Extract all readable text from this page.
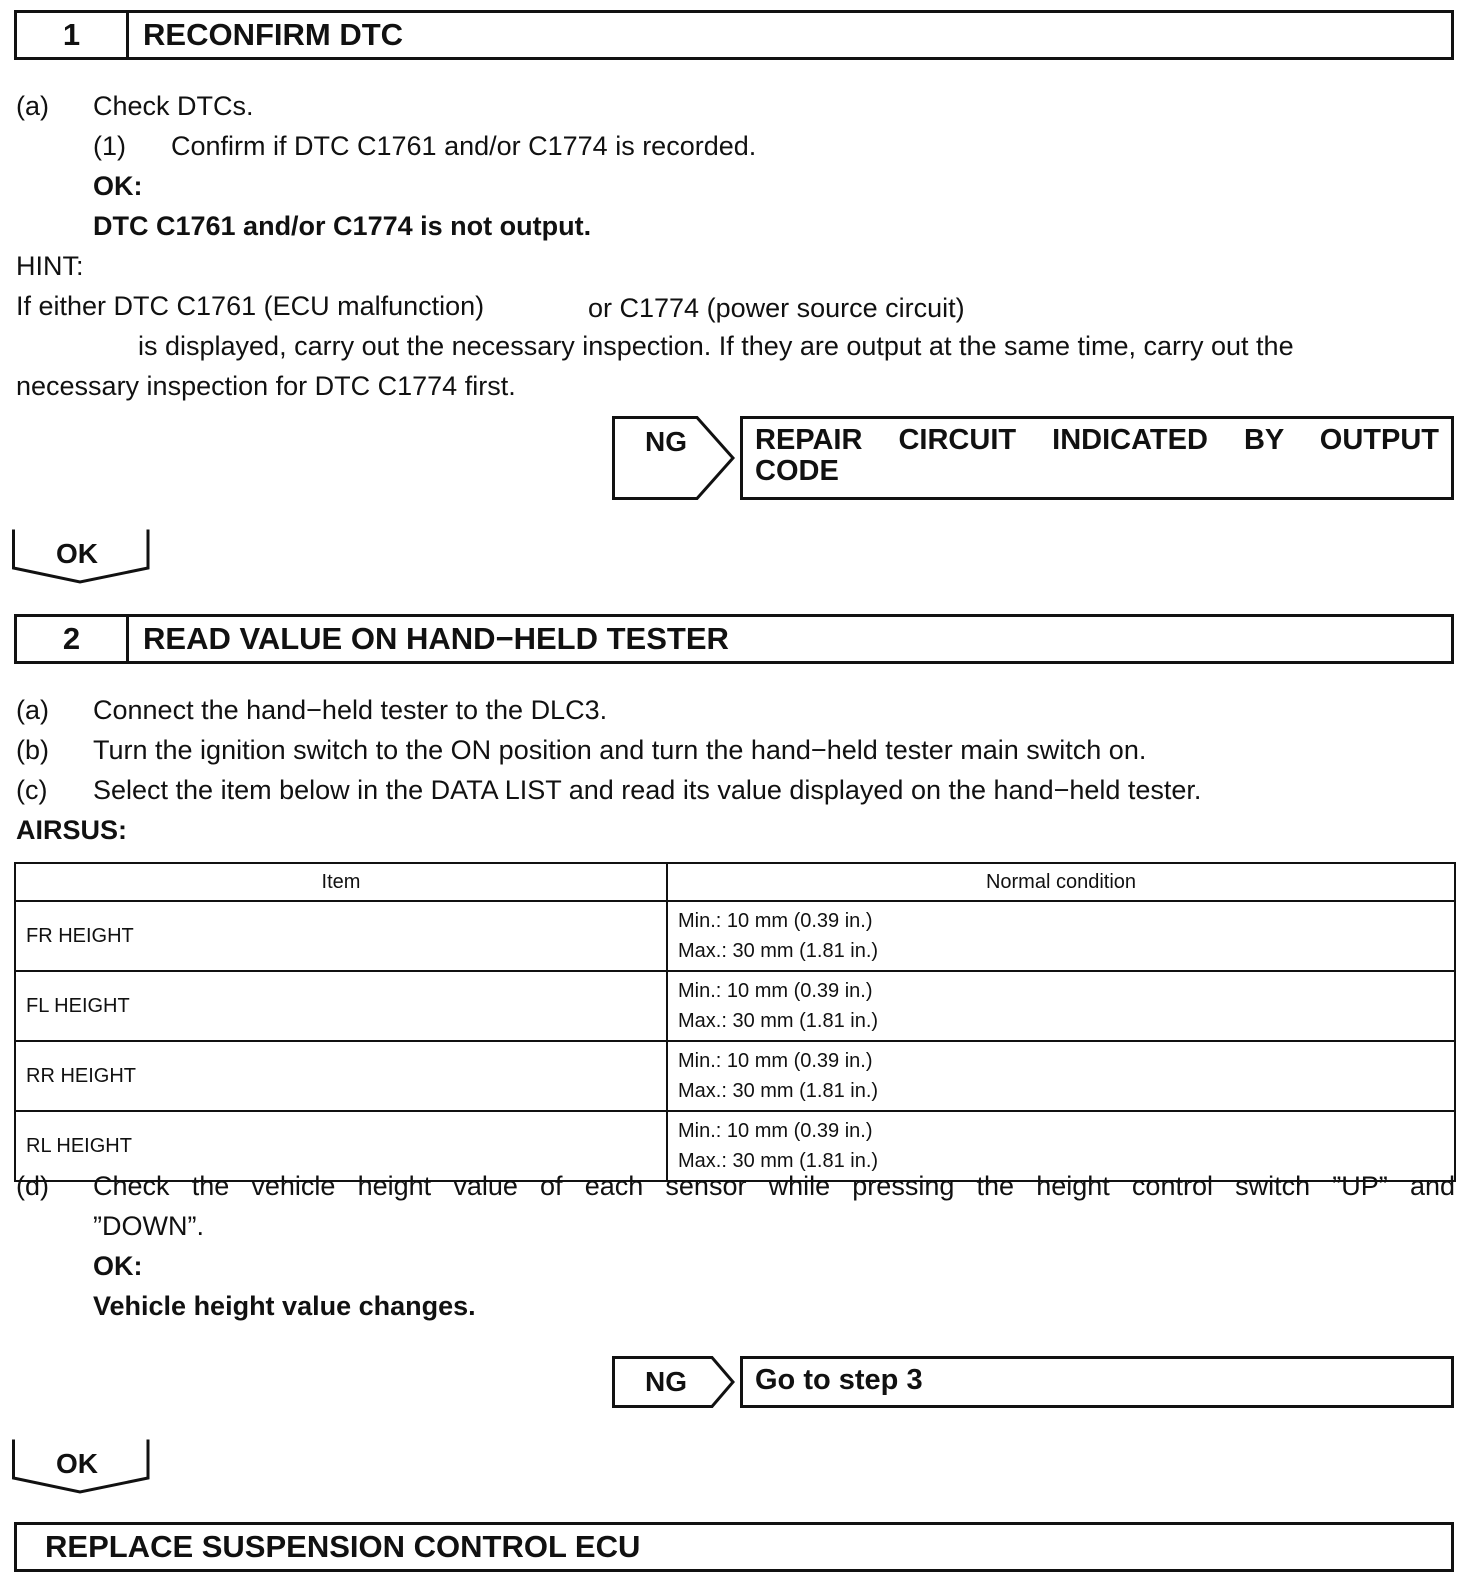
1	RECONFIRM DTC
(a) Check DTCs.
(1) Confirm if DTC C1761 and/or C1774 is recorded.
OK:
DTC C1761 and/or C1774 is not output.
HINT:
If either DTC C1761 (ECU malfunction)	or C1774 (power source circuit)
is displayed, carry out the necessary inspection. If they are output at the same time, carry out the
necessary inspection for DTC C1774 first.
NG REPAIR CIRCUIT INDICATED BY OUTPUT
CODE
OK
2	READ VALUE ON HAND−HELD TESTER
(a) Connect the hand−held tester to the DLC3.
(b) Turn the ignition switch to the ON position and turn the hand−held tester main switch on.
(c) Select the item below in the DATA LIST and read its value displayed on the hand−held tester.
AIRSUS:
Item	Normal condition
FR HEIGHT	Min.: 10 mm (0.39 in.)
Max.: 30 mm (1.81 in.)

FL HEIGHT	Min.: 10 mm (0.39 in.)
Max.: 30 mm (1.81 in.)

RR HEIGHT	Min.: 10 mm (0.39 in.)
Max.: 30 mm (1.81 in.)

RL HEIGHT	Min.: 10 mm (0.39 in.)
Max.: 30 mm (1.81 in.)
(d) Check the vehicle height value of each sensor while pressing the height control switch ”UP” and
”DOWN”.
OK:
Vehicle height value changes.
NG	Go to step 3
OK
REPLACE SUSPENSION CONTROL ECU
